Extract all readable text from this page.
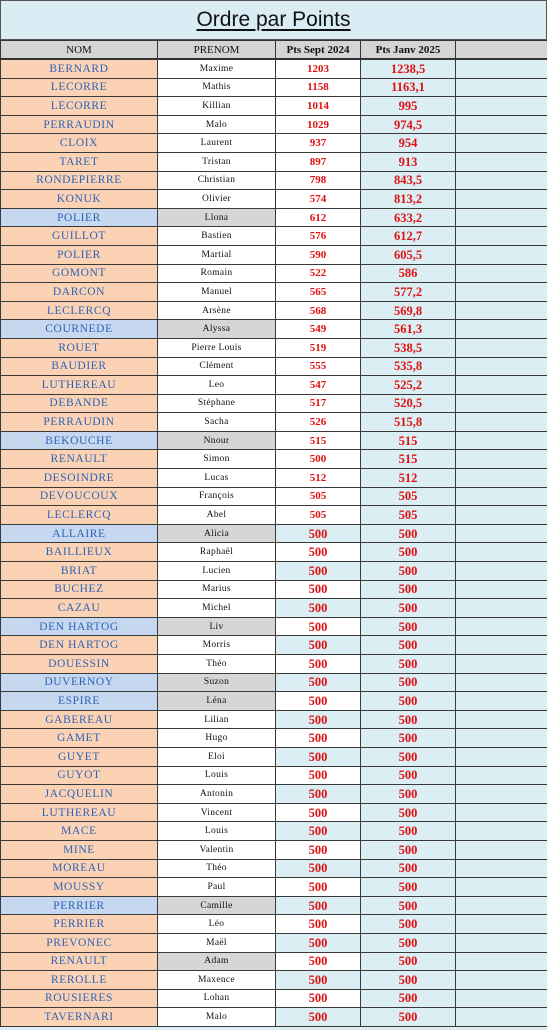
Ordre par Points
NOM	PRENOM	Pts Sept 2024	Pts Janv 2025	
BERNARD	Maxime	1203	1238,5	
LECORRE	Mathis	1158	1163,1	
LECORRE	Killian	1014	995	
PERRAUDIN	Malo	1029	974,5	
CLOIX	Laurent	937	954	
TARET	Tristan	897	913	
RONDEPIERRE	Christian	798	843,5	
KONUK	Olivier	574	813,2	
POLIER	Llona	612	633,2	
GUILLOT	Bastien	576	612,7	
POLIER	Martial	590	605,5	
GOMONT	Romain	522	586	
DARCON	Manuel	565	577,2	
LECLERCQ	Arsène	568	569,8	
COURNEDE	Alyssa	549	561,3	
ROUET	Pierre Louis	519	538,5	
BAUDIER	Clément	555	535,8	
LUTHEREAU	Leo	547	525,2	
DEBANDE	Stéphane	517	520,5	
PERRAUDIN	Sacha	526	515,8	
BEKOUCHE	Nnour	515	515	
RENAULT	Simon	500	515	
DESOINDRE	Lucas	512	512	
DEVOUCOUX	François	505	505	
LECLERCQ	Abel	505	505	
ALLAIRE	Alicia	500	500	
BAILLIEUX	Raphaël	500	500	
BRIAT	Lucien	500	500	
BUCHEZ	Marius	500	500	
CAZAU	Michel	500	500	
DEN HARTOG	Liv	500	500	
DEN HARTOG	Morris	500	500	
DOUESSIN	Théo	500	500	
DUVERNOY	Suzon	500	500	
ESPIRE	Léna	500	500	
GABEREAU	Lilian	500	500	
GAMET	Hugo	500	500	
GUYET	Eloi	500	500	
GUYOT	Louis	500	500	
JACQUELIN	Antonin	500	500	
LUTHEREAU	Vincent	500	500	
MACE	Louis	500	500	
MINE	Valentin	500	500	
MOREAU	Théo	500	500	
MOUSSY	Paul	500	500	
PERRIER	Camille	500	500	
PERRIER	Léo	500	500	
PREVONEC	Maël	500	500	
RENAULT	Adam	500	500	
REROLLE	Maxence	500	500	
ROUSIERES	Lohan	500	500	
TAVERNARI	Malo	500	500	
